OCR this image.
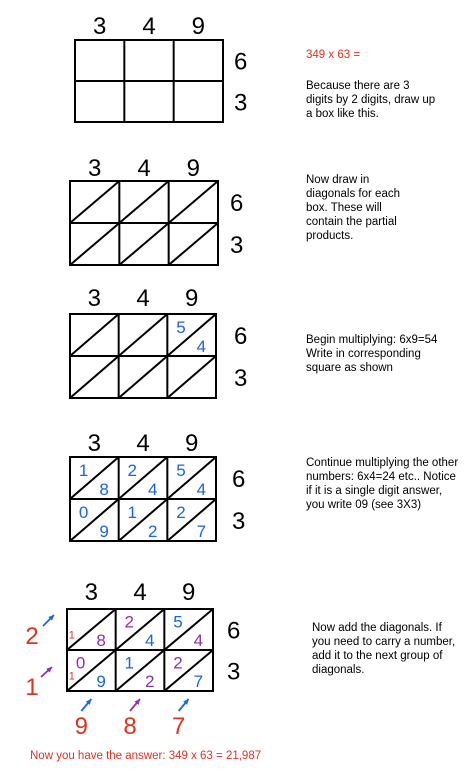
3 4 9
6
3
3 4 9
6
3
3 4 9
6
3
5
4
3 4 9
6
3
1
8
2
4
5
4
0
9
1
2
2
7
3 4 9
6
3
8
1
2
4
5
4
0
9
1
1
2
2
7
2
1
9 8 7
349 x 63 =
Because there are 3
digits by 2 digits, draw up
a box like this.
Now draw in
diagonals for each
box. These will
contain the partial
products.
Begin multiplying: 6x9=54
Write in corresponding
square as shown
Continue multiplying the other
numbers: 6x4=24 etc.. Notice
if it is a single digit answer,
you write 09 (see 3X3)
Now add the diagonals. If
you need to carry a number,
add it to the next group of
diagonals.
Now you have the answer: 349 x 63 = 21,987
